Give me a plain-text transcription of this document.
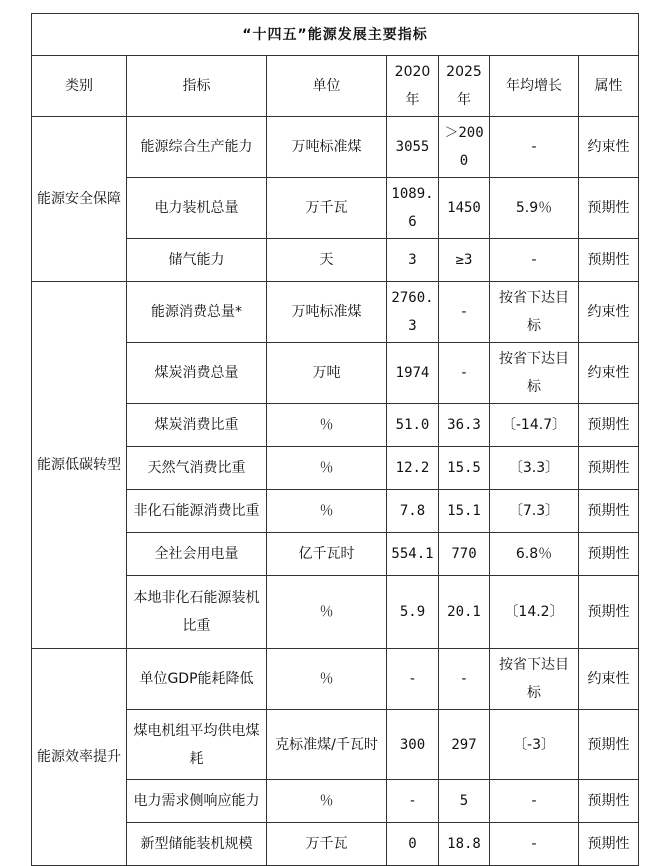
“十四五”能源发展主要指标						
类别	指标	单位	2020年	2025年	年均增长	属性
能源安全保障	能源综合生产能力	万吨标准煤	3055	＞2000	-	约束性
	电力装机总量	万千瓦	1089.6	1450	5.9％	预期性
	储气能力	天	3	≥3	-	预期性
能源低碳转型	能源消费总量*	万吨标准煤	2760.3	-	按省下达目标	约束性
	煤炭消费总量	万吨	1974	-	按省下达目标	约束性
	煤炭消费比重	％	51.0	36.3	〔-14.7〕	预期性
	天然气消费比重	％	12.2	15.5	〔3.3〕	预期性
	非化石能源消费比重	％	7.8	15.1	〔7.3〕	预期性
	全社会用电量	亿千瓦时	554.1	770	6.8％	预期性
	本地非化石能源装机比重	％	5.9	20.1	〔14.2〕	预期性
能源效率提升	单位GDP能耗降低	％	-	-	按省下达目标	约束性
	煤电机组平均供电煤耗	克标准煤/千瓦时	300	297	〔-3〕	预期性
	电力需求侧响应能力	％	-	5	-	预期性
	新型储能装机规模	万千瓦	0	18.8	-	预期性
